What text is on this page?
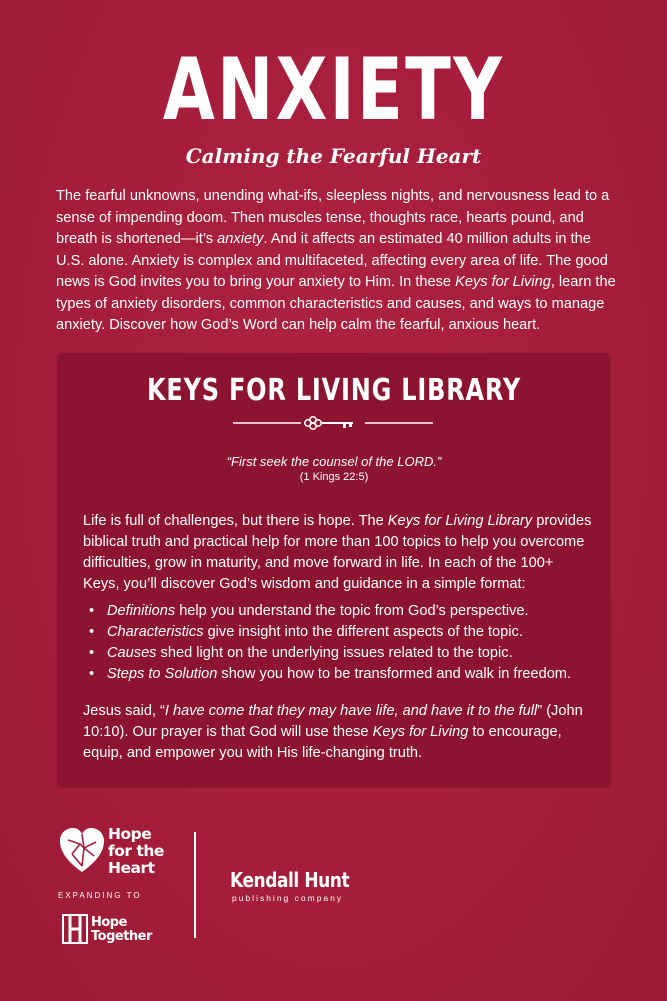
ANXIETY
Calming the Fearful Heart

The fearful unknowns, unending what-ifs, sleepless nights, and nervousness lead to a sense of impending doom. Then muscles tense, thoughts race, hearts pound, and breath is shortened—it’s anxiety. And it affects an estimated 40 million adults in the U.S. alone. Anxiety is complex and multifaceted, affecting every area of life. The good news is God invites you to bring your anxiety to Him. In these Keys for Living, learn the types of anxiety disorders, common characteristics and causes, and ways to manage anxiety. Discover how God’s Word can help calm the fearful, anxious heart.

KEYS FOR LIVING LIBRARY
“First seek the counsel of the LORD.”
(1 Kings 22:5)

Life is full of challenges, but there is hope. The Keys for Living Library provides biblical truth and practical help for more than 100 topics to help you overcome difficulties, grow in maturity, and move forward in life. In each of the 100+ Keys, you’ll discover God’s wisdom and guidance in a simple format:

• Definitions help you understand the topic from God’s perspective.
• Characteristics give insight into the different aspects of the topic.
• Causes shed light on the underlying issues related to the topic.
• Steps to Solution show you how to be transformed and walk in freedom.

Jesus said, “I have come that they may have life, and have it to the full” (John 10:10). Our prayer is that God will use these Keys for Living to encourage, equip, and empower you with His life-changing truth.

Hope
for the
Heart
EXPANDING TO
Hope
Together
Kendall Hunt
publishing company
